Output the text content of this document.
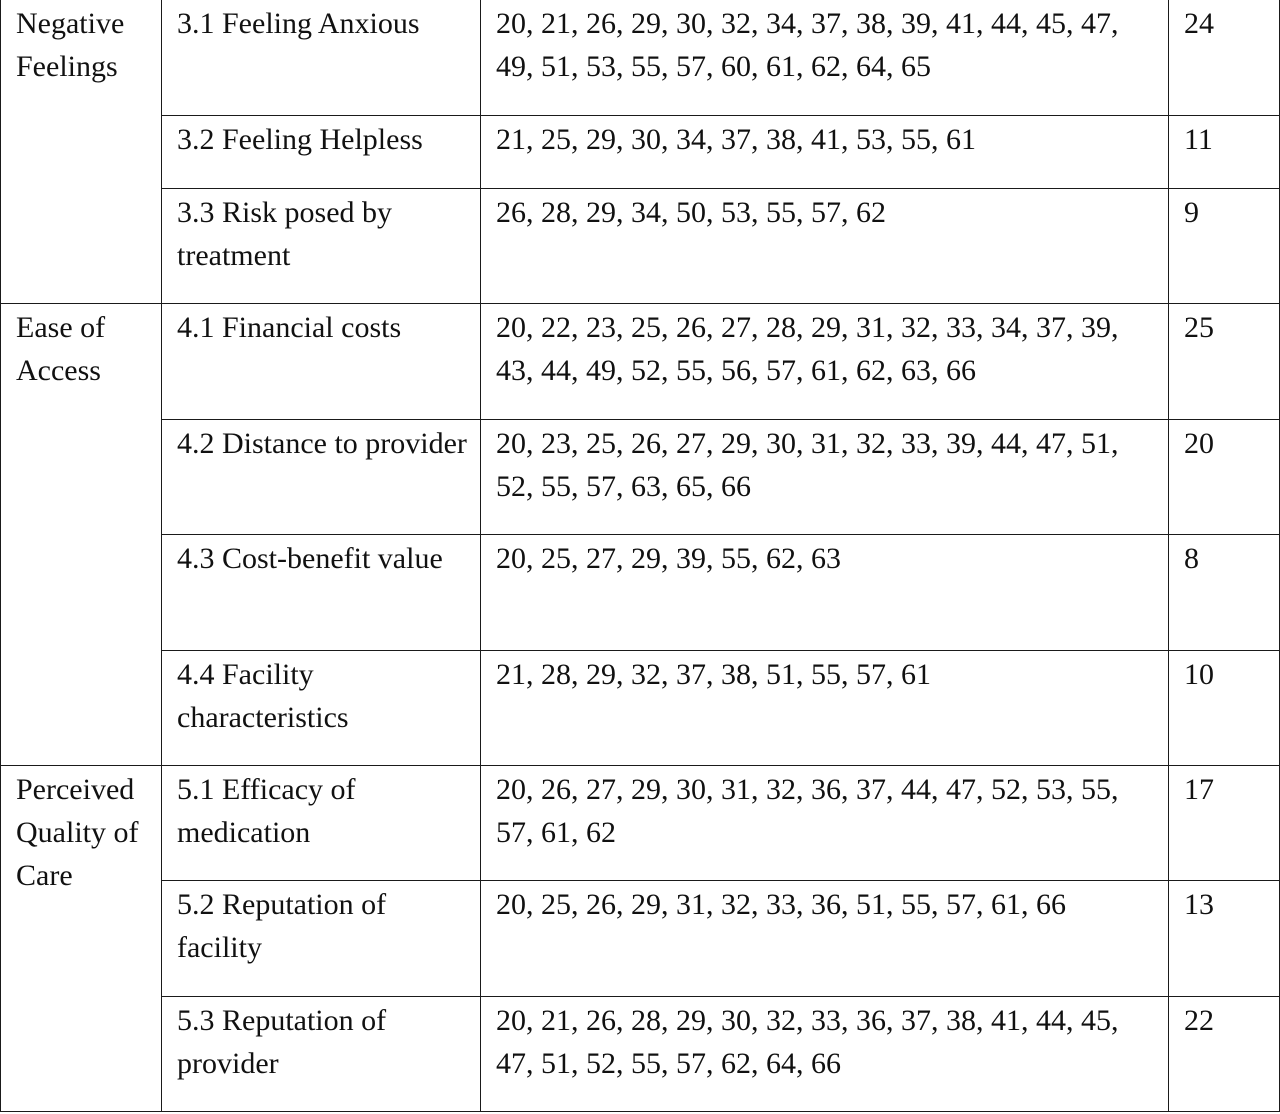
Negative Feelings	3.1 Feeling Anxious	20, 21, 26, 29, 30, 32, 34, 37, 38, 39, 41, 44, 45, 47, 49, 51, 53, 55, 57, 60, 61, 62, 64, 65	24
	3.2 Feeling Helpless	21, 25, 29, 30, 34, 37, 38, 41, 53, 55, 61	11
	3.3 Risk posed by treatment	26, 28, 29, 34, 50, 53, 55, 57, 62	9
Ease of Access	4.1 Financial costs	20, 22, 23, 25, 26, 27, 28, 29, 31, 32, 33, 34, 37, 39, 43, 44, 49, 52, 55, 56, 57, 61, 62, 63, 66	25
	4.2 Distance to provider	20, 23, 25, 26, 27, 29, 30, 31, 32, 33, 39, 44, 47, 51, 52, 55, 57, 63, 65, 66	20
	4.3 Cost-benefit value	20, 25, 27, 29, 39, 55, 62, 63	8
	4.4 Facility characteristics	21, 28, 29, 32, 37, 38, 51, 55, 57, 61	10
Perceived Quality of Care	5.1 Efficacy of medication	20, 26, 27, 29, 30, 31, 32, 36, 37, 44, 47, 52, 53, 55, 57, 61, 62	17
	5.2 Reputation of facility	20, 25, 26, 29, 31, 32, 33, 36, 51, 55, 57, 61, 66	13
	5.3 Reputation of provider	20, 21, 26, 28, 29, 30, 32, 33, 36, 37, 38, 41, 44, 45, 47, 51, 52, 55, 57, 62, 64, 66	22
